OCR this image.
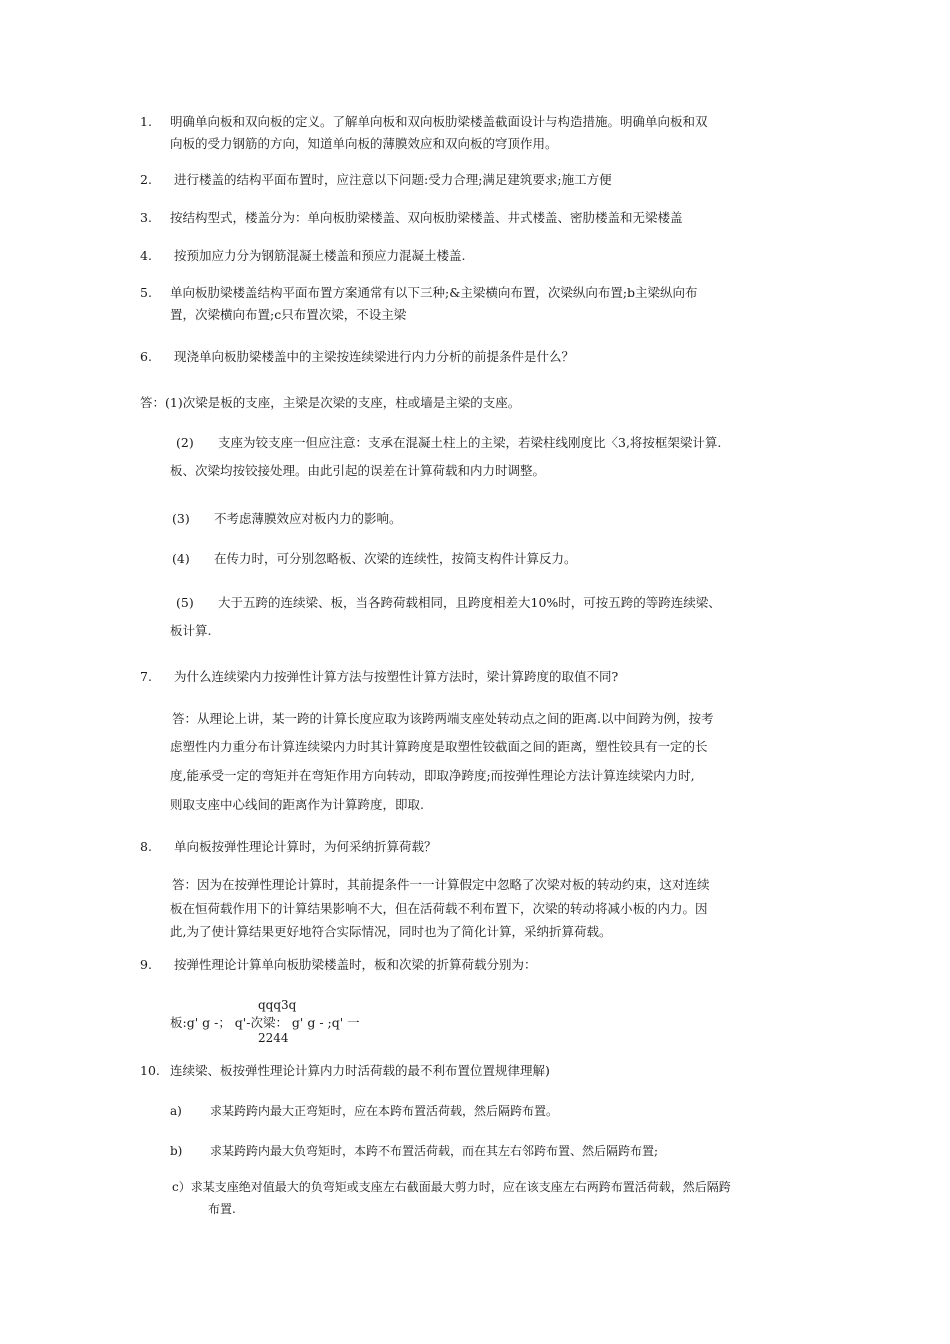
1. 明确单向板和双向板的定义。了解单向板和双向板肋梁楼盖截面设计与构造措施。明确单向板和双
向板的受力钢筋的方向，知道单向板的薄膜效应和双向板的穹顶作用。
2. 进行楼盖的结构平面布置时，应注意以下问题:受力合理;满足建筑要求;施工方便
3. 按结构型式，楼盖分为：单向板肋梁楼盖、双向板肋梁楼盖、井式楼盖、密肋楼盖和无梁楼盖
4. 按预加应力分为钢筋混凝土楼盖和预应力混凝土楼盖.
5. 单向板肋梁楼盖结构平面布置方案通常有以下三种;&主梁横向布置，次梁纵向布置;b主梁纵向布
置，次梁横向布置;c只布置次梁，不设主梁
6. 现浇单向板肋梁楼盖中的主梁按连续梁进行内力分析的前提条件是什么？
答：(1)次梁是板的支座，主梁是次梁的支座，柱或墙是主梁的支座。
(2) 支座为铰支座一但应注意：支承在混凝土柱上的主梁，若梁柱线刚度比〈3,将按框架梁计算.
板、次梁均按铰接处理。由此引起的误差在计算荷载和内力时调整。
(3) 不考虑薄膜效应对板内力的影响。
(4) 在传力时，可分别忽略板、次梁的连续性，按简支构件计算反力。
(5) 大于五跨的连续梁、板，当各跨荷载相同，且跨度相差大10%时，可按五跨的等跨连续梁、
板计算.
7. 为什么连续梁内力按弹性计算方法与按塑性计算方法时，梁计算跨度的取值不同?
答：从理论上讲，某一跨的计算长度应取为该跨两端支座处转动点之间的距离.以中间跨为例，按考
虑塑性内力重分布计算连续梁内力时其计算跨度是取塑性铰截面之间的距离，塑性铰具有一定的长
度,能承受一定的弯矩并在弯矩作用方向转动，即取净跨度;而按弹性理论方法计算连续梁内力时,
则取支座中心线间的距离作为计算跨度，即取.
8. 单向板按弹性理论计算时，为何采纳折算荷载？
答：因为在按弹性理论计算时，其前提条件一一计算假定中忽略了次梁对板的转动约束，这对连续
板在恒荷载作用下的计算结果影响不大，但在活荷载不利布置下，次梁的转动将减小板的内力。因
此,为了使计算结果更好地符合实际情况，同时也为了简化计算，采纳折算荷载。
9. 按弹性理论计算单向板肋梁楼盖时，板和次梁的折算荷载分别为：
qqq3q
板:g' g -； q'-次梁： g' g - ;q' 一
2244
10. 连续梁、板按弹性理论计算内力时活荷载的最不利布置位置规律理解)
a) 求某跨跨内最大正弯矩时，应在本跨布置活荷载，然后隔跨布置。
b) 求某跨跨内最大负弯矩时，本跨不布置活荷载，而在其左右邻跨布置、然后隔跨布置;
c）求某支座绝对值最大的负弯矩或支座左右截面最大剪力时，应在该支座左右两跨布置活荷载，然后隔跨
布置.
